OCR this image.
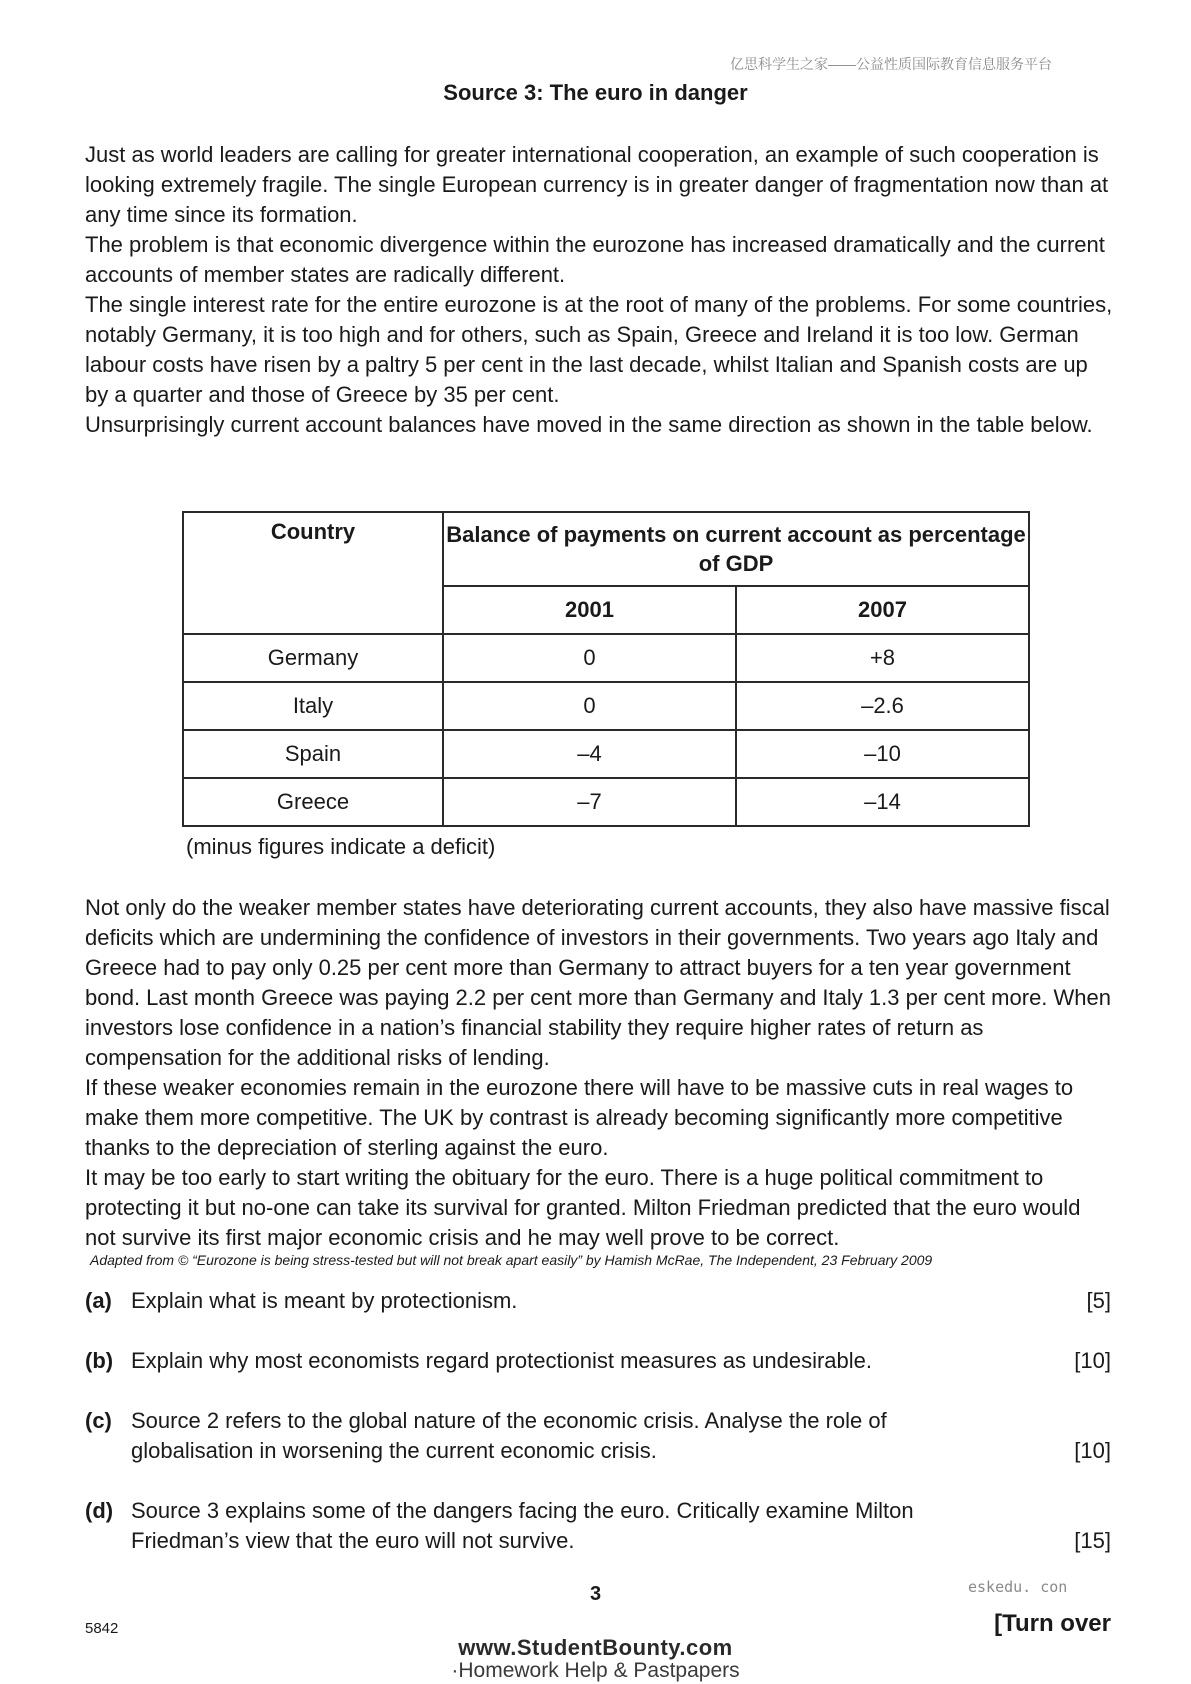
亿思科学生之家——公益性质国际教育信息服务平台
Source 3: The euro in danger

Just as world leaders are calling for greater international cooperation, an example of such cooperation is looking extremely fragile. The single European currency is in greater danger of fragmentation now than at any time since its formation.

The problem is that economic divergence within the eurozone has increased dramatically and the current accounts of member states are radically different.

The single interest rate for the entire eurozone is at the root of many of the problems. For some countries, notably Germany, it is too high and for others, such as Spain, Greece and Ireland it is too low. German labour costs have risen by a paltry 5 per cent in the last decade, whilst Italian and Spanish costs are up by a quarter and those of Greece by 35 per cent.

Unsurprisingly current account balances have moved in the same direction as shown in the table below.

Country	Balance of payments on current account as percentage of GDP	
	2001	2007
Germany	0	+8
Italy	0	–2.6
Spain	–4	–10
Greece	–7	–14
(minus figures indicate a deficit)

Not only do the weaker member states have deteriorating current accounts, they also have massive fiscal deficits which are undermining the confidence of investors in their governments. Two years ago Italy and Greece had to pay only 0.25 per cent more than Germany to attract buyers for a ten year government bond. Last month Greece was paying 2.2 per cent more than Germany and Italy 1.3 per cent more. When investors lose confidence in a nation’s financial stability they require higher rates of return as compensation for the additional risks of lending.

If these weaker economies remain in the eurozone there will have to be massive cuts in real wages to make them more competitive. The UK by contrast is already becoming significantly more competitive thanks to the depreciation of sterling against the euro.

It may be too early to start writing the obituary for the euro. There is a huge political commitment to protecting it but no-one can take its survival for granted. Milton Friedman predicted that the euro would not survive its first major economic crisis and he may well prove to be correct.

Adapted from © “Eurozone is being stress-tested but will not break apart easily” by Hamish McRae, The Independent, 23 February 2009
(a) Explain what is meant by protectionism.	[5]
(b) Explain why most economists regard protectionist measures as undesirable.	[10]
(c) Source 2 refers to the global nature of the economic crisis. Analyse the role of globalisation in worsening the current economic crisis.	[10]
(d) Source 3 explains some of the dangers facing the euro. Critically examine Milton Friedman’s view that the euro will not survive.	[15]
eskedu. con
3
5842	[Turn over
www.StudentBounty.com
·Homework Help & Pastpapers
